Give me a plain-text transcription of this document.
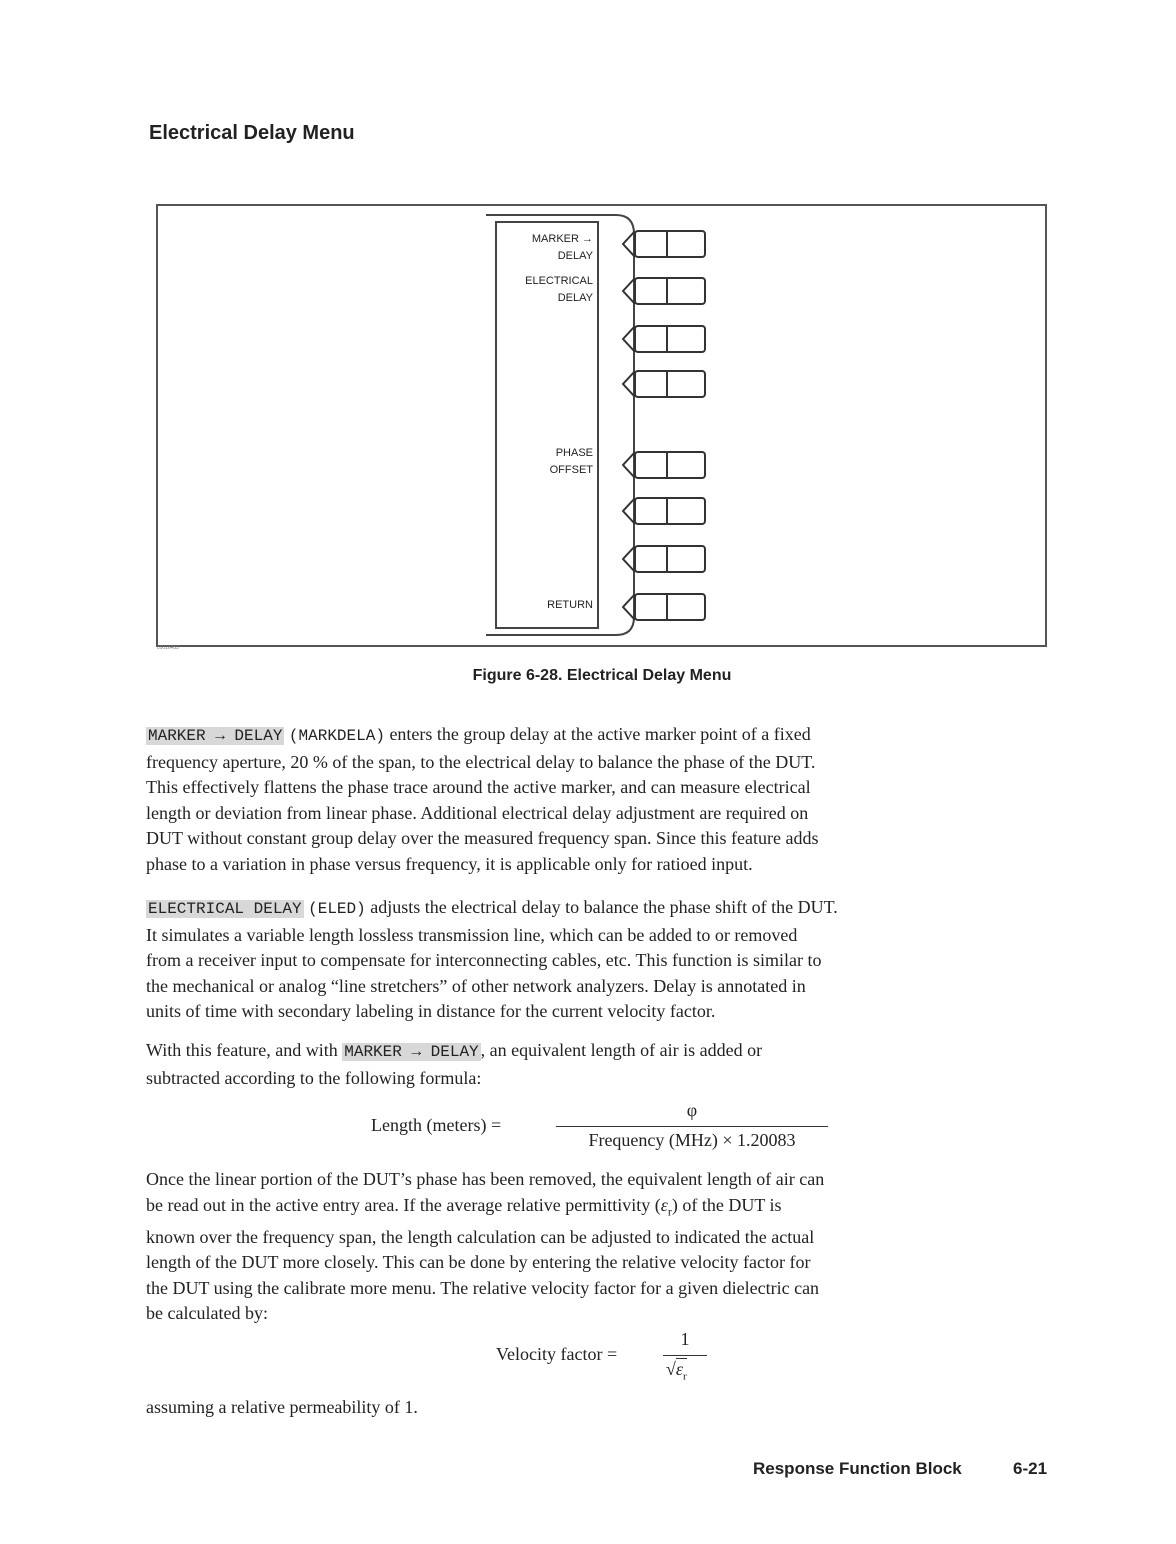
Electrical Delay Menu
c0016453
MARKER →
DELAY
ELECTRICAL
DELAY
PHASE
OFFSET
RETURN
Figure 6-28. Electrical Delay Menu
MARKER → DELAY (MARKDELA) enters the group delay at the active marker point of a fixed
frequency aperture, 20 % of the span, to the electrical delay to balance the phase of the DUT.
This effectively flattens the phase trace around the active marker, and can measure electrical
length or deviation from linear phase. Additional electrical delay adjustment are required on
DUT without constant group delay over the measured frequency span. Since this feature adds
phase to a variation in phase versus frequency, it is applicable only for ratioed input.
ELECTRICAL DELAY (ELED) adjusts the electrical delay to balance the phase shift of the DUT.
It simulates a variable length lossless transmission line, which can be added to or removed
from a receiver input to compensate for interconnecting cables, etc. This function is similar to
the mechanical or analog “line stretchers” of other network analyzers. Delay is annotated in
units of time with secondary labeling in distance for the current velocity factor.
With this feature, and with MARKER → DELAY , an equivalent length of air is added or
subtracted according to the following formula:
Length (meters) =
φ
Frequency (MHz) × 1.20083
Once the linear portion of the DUT’s phase has been removed, the equivalent length of air can
be read out in the active entry area. If the average relative permittivity $(\varepsilon_r)$ of the DUT is
known over the frequency span, the length calculation can be adjusted to indicated the actual
length of the DUT more closely. This can be done by entering the relative velocity factor for
the DUT using the calibrate more menu. The relative velocity factor for a given dielectric can
be calculated by:
Velocity factor =
1
$√\varepsilon_r$
assuming a relative permeability of 1.
Response Function Block	6-21
